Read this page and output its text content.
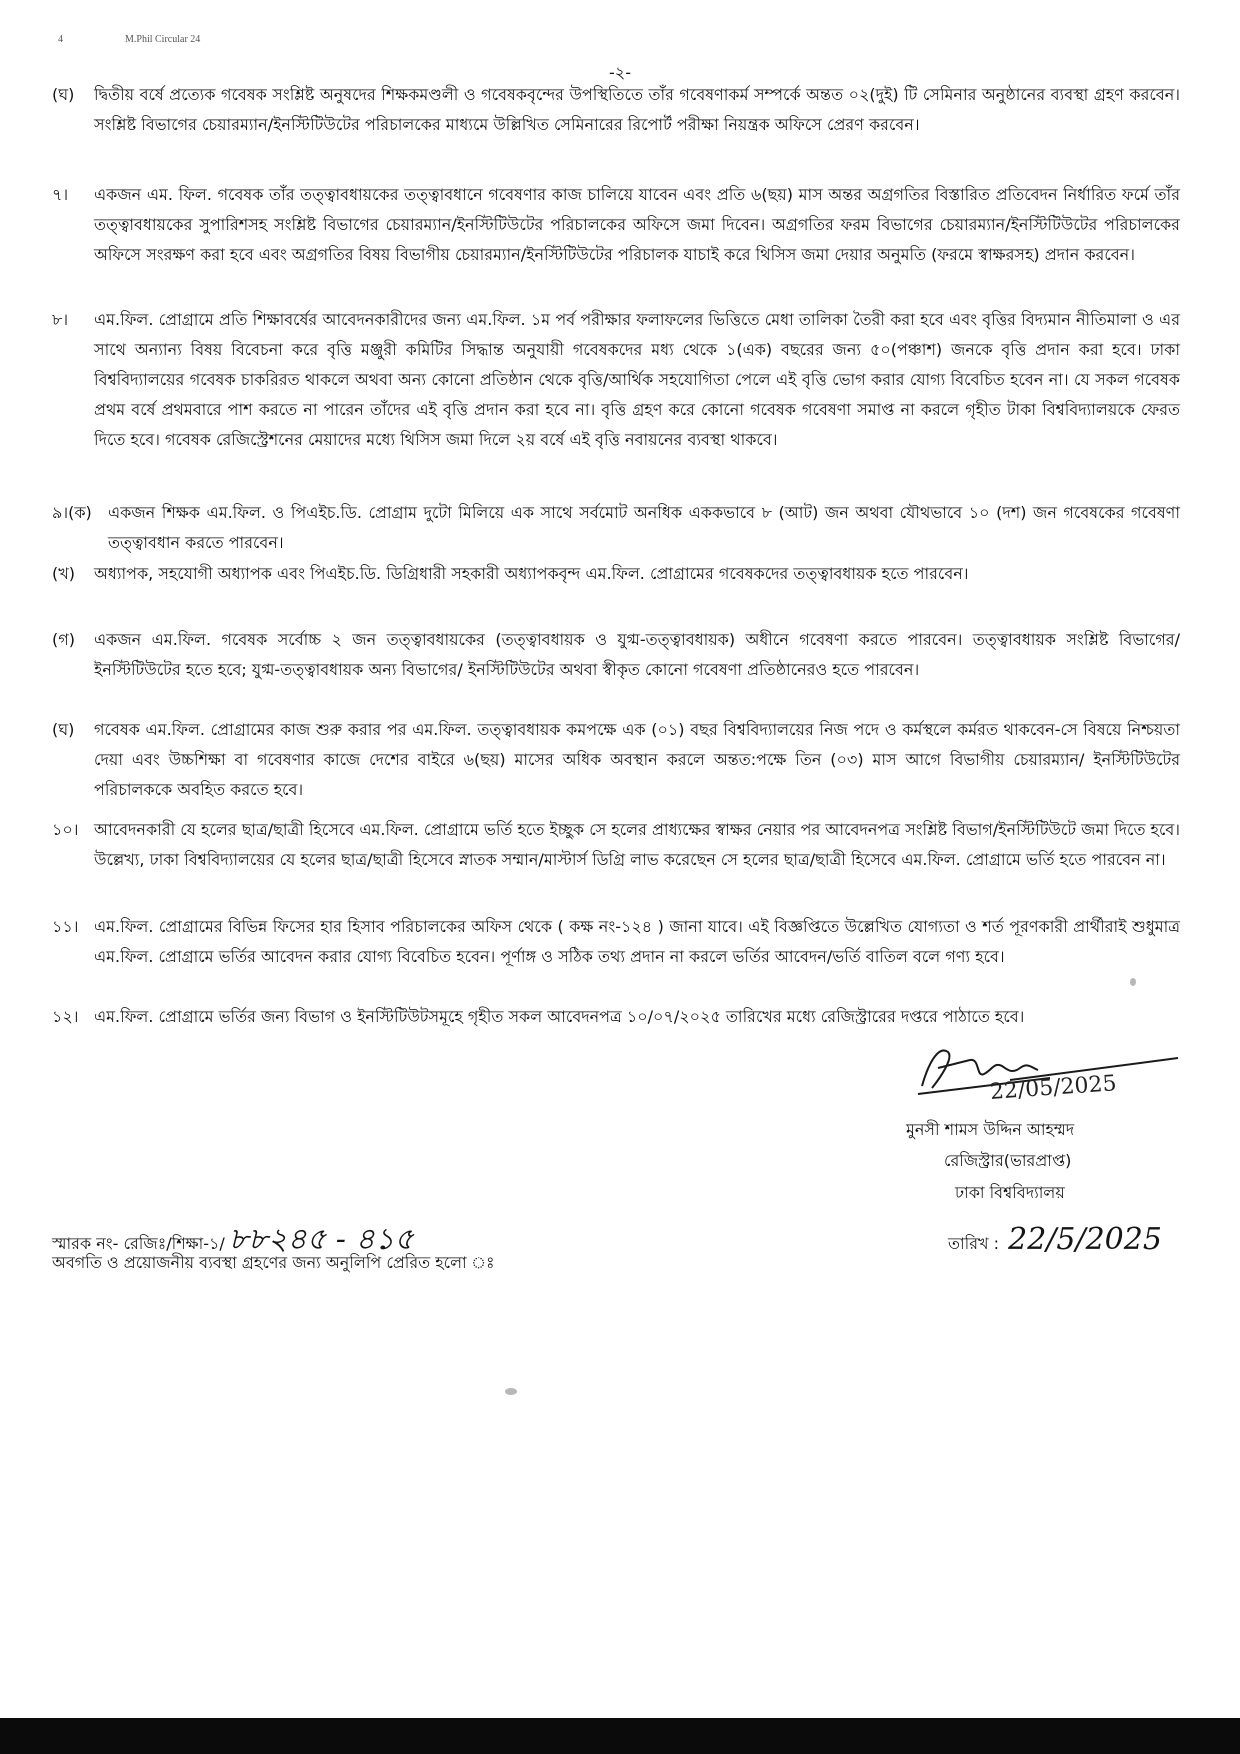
4	M.Phil Circular 24
-২-
(ঘ) দ্বিতীয় বর্ষে প্রত্যেক গবেষক সংশ্লিষ্ট অনুষদের শিক্ষকমণ্ডলী ও গবেষকবৃন্দের উপস্থিতিতে তাঁর গবেষণাকর্ম সম্পর্কে অন্তত ০২(দুই) টি সেমিনার অনুষ্ঠানের ব্যবস্থা গ্রহণ করবেন। সংশ্লিষ্ট বিভাগের চেয়ারম্যান/ইনস্টিটিউটের পরিচালকের মাধ্যমে উল্লিখিত সেমিনারের রিপোর্ট পরীক্ষা নিয়ন্ত্রক অফিসে প্রেরণ করবেন।
৭। একজন এম. ফিল. গবেষক তাঁর তত্ত্বাবধায়কের তত্ত্বাবধানে গবেষণার কাজ চালিয়ে যাবেন এবং প্রতি ৬(ছয়) মাস অন্তর অগ্রগতির বিস্তারিত প্রতিবেদন নির্ধারিত ফর্মে তাঁর তত্ত্বাবধায়কের সুপারিশসহ সংশ্লিষ্ট বিভাগের চেয়ারম্যান/ইনস্টিটিউটের পরিচালকের অফিসে জমা দিবেন। অগ্রগতির ফরম বিভাগের চেয়ারম্যান/ইনস্টিটিউটের পরিচালকের অফিসে সংরক্ষণ করা হবে এবং অগ্রগতির বিষয় বিভাগীয় চেয়ারম্যান/ইনস্টিটিউটের পরিচালক যাচাই করে থিসিস জমা দেয়ার অনুমতি (ফরমে স্বাক্ষরসহ) প্রদান করবেন।
৮। এম.ফিল. প্রোগ্রামে প্রতি শিক্ষাবর্ষের আবেদনকারীদের জন্য এম.ফিল. ১ম পর্ব পরীক্ষার ফলাফলের ভিত্তিতে মেধা তালিকা তৈরী করা হবে এবং বৃত্তির বিদ্যমান নীতিমালা ও এর সাথে অন্যান্য বিষয় বিবেচনা করে বৃত্তি মঞ্জুরী কমিটির সিদ্ধান্ত অনুযায়ী গবেষকদের মধ্য থেকে ১(এক) বছরের জন্য ৫০(পঞ্চাশ) জনকে বৃত্তি প্রদান করা হবে। ঢাকা বিশ্ববিদ্যালয়ের গবেষক চাকরিরত থাকলে অথবা অন্য কোনো প্রতিষ্ঠান থেকে বৃত্তি/আর্থিক সহযোগিতা পেলে এই বৃত্তি ভোগ করার যোগ্য বিবেচিত হবেন না। যে সকল গবেষক প্রথম বর্ষে প্রথমবারে পাশ করতে না পারেন তাঁদের এই বৃত্তি প্রদান করা হবে না। বৃত্তি গ্রহণ করে কোনো গবেষক গবেষণা সমাপ্ত না করলে গৃহীত টাকা বিশ্ববিদ্যালয়কে ফেরত দিতে হবে। গবেষক রেজিস্ট্রেশনের মেয়াদের মধ্যে থিসিস জমা দিলে ২য় বর্ষে এই বৃত্তি নবায়নের ব্যবস্থা থাকবে।
৯।(ক) একজন শিক্ষক এম.ফিল. ও পিএইচ.ডি. প্রোগ্রাম দুটো মিলিয়ে এক সাথে সর্বমোট অনধিক এককভাবে ৮ (আট) জন অথবা যৌথভাবে ১০ (দশ) জন গবেষকের গবেষণা তত্ত্বাবধান করতে পারবেন।
(খ) অধ্যাপক, সহযোগী অধ্যাপক এবং পিএইচ.ডি. ডিগ্রিধারী সহকারী অধ্যাপকবৃন্দ এম.ফিল. প্রোগ্রামের গবেষকদের তত্ত্বাবধায়ক হতে পারবেন।
(গ) একজন এম.ফিল. গবেষক সর্বোচ্চ ২ জন তত্ত্বাবধায়কের (তত্ত্বাবধায়ক ও যুগ্ম-তত্ত্বাবধায়ক) অধীনে গবেষণা করতে পারবেন। তত্ত্বাবধায়ক সংশ্লিষ্ট বিভাগের/ইনস্টিটিউটের হতে হবে; যুগ্ম-তত্ত্বাবধায়ক অন্য বিভাগের/ ইনস্টিটিউটের অথবা স্বীকৃত কোনো গবেষণা প্রতিষ্ঠানেরও হতে পারবেন।
(ঘ) গবেষক এম.ফিল. প্রোগ্রামের কাজ শুরু করার পর এম.ফিল. তত্ত্বাবধায়ক কমপক্ষে এক (০১) বছর বিশ্ববিদ্যালয়ের নিজ পদে ও কর্মস্থলে কর্মরত থাকবেন-সে বিষয়ে নিশ্চয়তা দেয়া এবং উচ্চশিক্ষা বা গবেষণার কাজে দেশের বাইরে ৬(ছয়) মাসের অধিক অবস্থান করলে অন্তত:পক্ষে তিন (০৩) মাস আগে বিভাগীয় চেয়ারম্যান/ ইনস্টিটিউটের পরিচালককে অবহিত করতে হবে।
১০। আবেদনকারী যে হলের ছাত্র/ছাত্রী হিসেবে এম.ফিল. প্রোগ্রামে ভর্তি হতে ইচ্ছুক সে হলের প্রাধ্যক্ষের স্বাক্ষর নেয়ার পর আবেদনপত্র সংশ্লিষ্ট বিভাগ/ইনস্টিটিউটে জমা দিতে হবে। উল্লেখ্য, ঢাকা বিশ্ববিদ্যালয়ের যে হলের ছাত্র/ছাত্রী হিসেবে স্নাতক সম্মান/মাস্টার্স ডিগ্রি লাভ করেছেন সে হলের ছাত্র/ছাত্রী হিসেবে এম.ফিল. প্রোগ্রামে ভর্তি হতে পারবেন না।
১১। এম.ফিল. প্রোগ্রামের বিভিন্ন ফিসের হার হিসাব পরিচালকের অফিস থেকে ( কক্ষ নং-১২৪ ) জানা যাবে। এই বিজ্ঞপ্তিতে উল্লেখিত যোগ্যতা ও শর্ত পূরণকারী প্রার্থীরাই শুধুমাত্র এম.ফিল. প্রোগ্রামে ভর্তির আবেদন করার যোগ্য বিবেচিত হবেন। পূর্ণাঙ্গ ও সঠিক তথ্য প্রদান না করলে ভর্তির আবেদন/ভর্তি বাতিল বলে গণ্য হবে।
১২। এম.ফিল. প্রোগ্রামে ভর্তির জন্য বিভাগ ও ইনস্টিটিউটসমূহে গৃহীত সকল আবেদনপত্র ১০/০৭/২০২৫ তারিখের মধ্যে রেজিস্ট্রারের দপ্তরে পাঠাতে হবে।
22/05/2025
মুনসী শামস উদ্দিন আহম্মদ
রেজিস্ট্রার(ভারপ্রাপ্ত)
ঢাকা বিশ্ববিদ্যালয়
স্মারক নং- রেজিঃ/শিক্ষা-১/ ৮৮২৪৫ - ৪১৫	তারিখ : 22/5/2025
অবগতি ও প্রয়োজনীয় ব্যবস্থা গ্রহণের জন্য অনুলিপি প্রেরিত হলো ঃ
